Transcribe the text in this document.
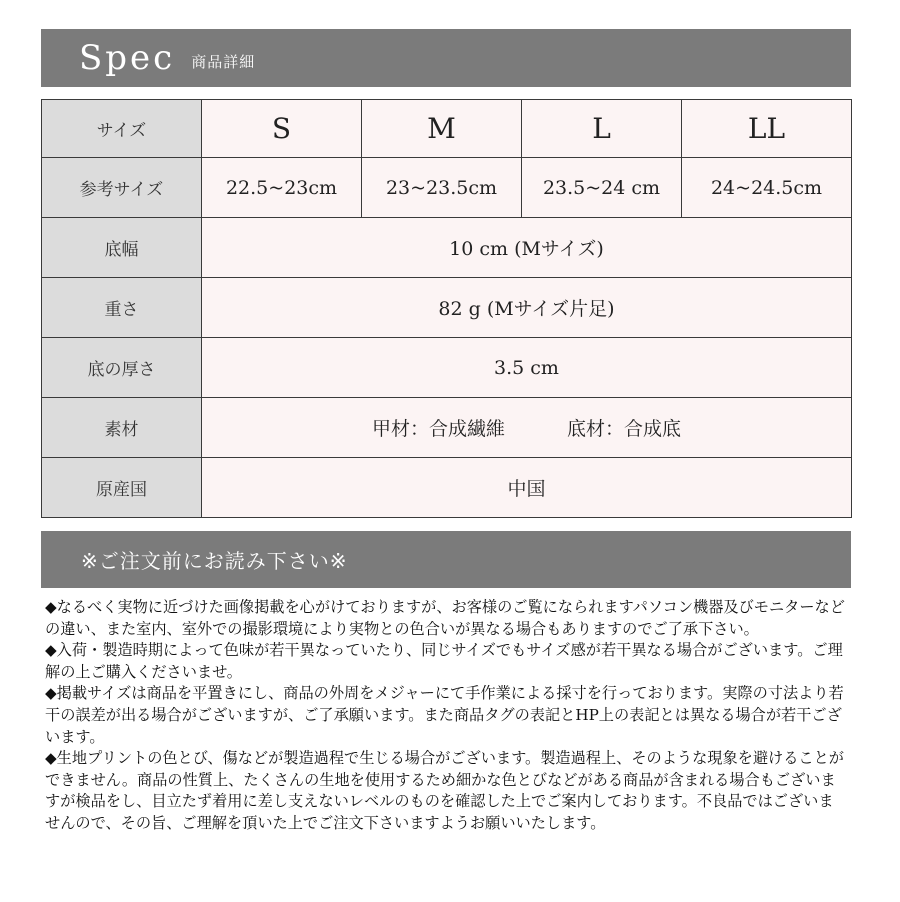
Spec 商品詳細
サイズ	S	M	L	LL
参考サイズ	22.5~23cm	23~23.5cm	23.5~24 cm	24~24.5cm
底幅	10 cm (Mサイズ)			
重さ	82 g (Mサイズ片足)			
底の厚さ	3.5 cm			
素材	甲材：合成繊維 底材：合成底			
原産国	中国			
※ご注文前にお読み下さい※

◆なるべく実物に近づけた画像掲載を心がけておりますが、お客様のご覧になられますパソコン機器及びモニターなどの違い、また室内、室外での撮影環境により実物との色合いが異なる場合もありますのでご了承下さい。

◆入荷・製造時期によって色味が若干異なっていたり、同じサイズでもサイズ感が若干異なる場合がございます。ご理解の上ご購入くださいませ。

◆掲載サイズは商品を平置きにし、商品の外周をメジャーにて手作業による採寸を行っております。実際の寸法より若干の誤差が出る場合がございますが、ご了承願います。また商品タグの表記とHP上の表記とは異なる場合が若干ございます。

◆生地プリントの色とび、傷などが製造過程で生じる場合がございます。製造過程上、そのような現象を避けることができません。商品の性質上、たくさんの生地を使用するため細かな色とびなどがある商品が含まれる場合もございますが検品をし、目立たず着用に差し支えないレベルのものを確認した上でご案内しております。不良品ではございませんので、その旨、ご理解を頂いた上でご注文下さいますようお願いいたします。
